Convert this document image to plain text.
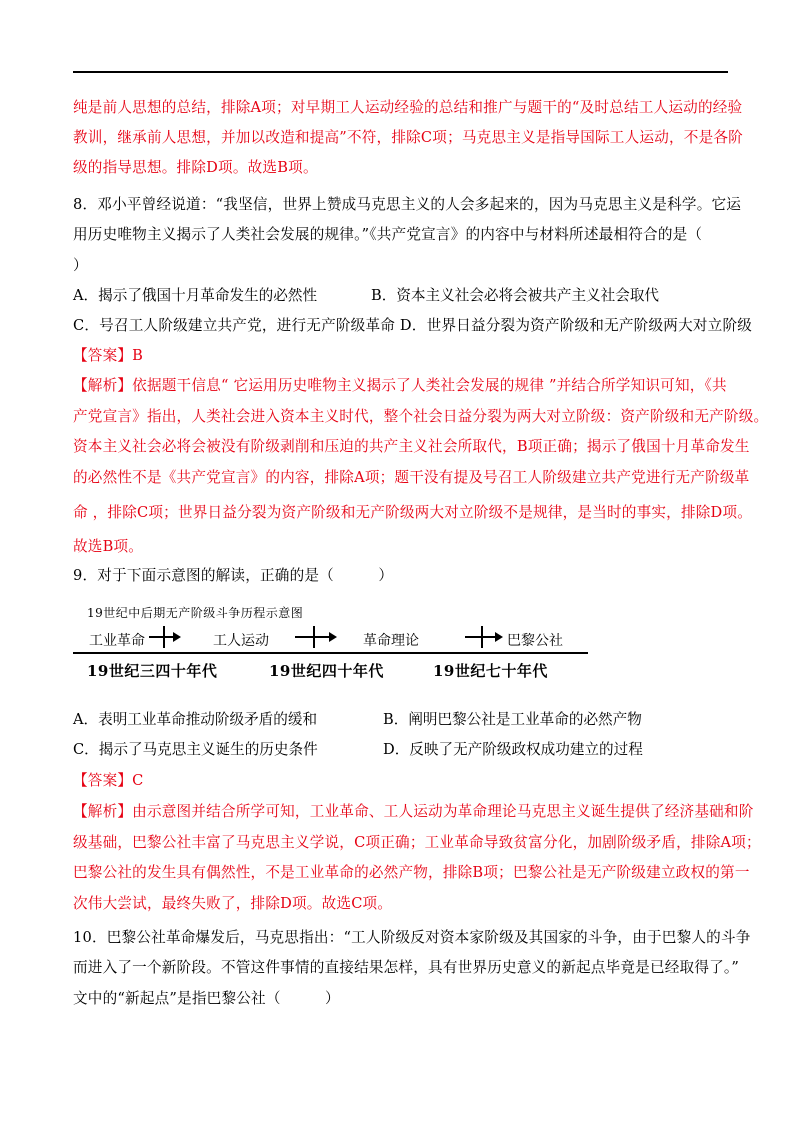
纯是前人思想的总结，排除A项；对早期工人运动经验的总结和推广与题干的“及时总结工人运动的经验
教训，继承前人思想，并加以改造和提高”不符，排除C项；马克思主义是指导国际工人运动，不是各阶
级的指导思想。排除D项。故选B项。
8．邓小平曾经说道：“我坚信，世界上赞成马克思主义的人会多起来的，因为马克思主义是科学。它运
用历史唯物主义揭示了人类社会发展的规律。”《共产党宣言》的内容中与材料所述最相符合的是（
）
A．揭示了俄国十月革命发生的必然性	B．资本主义社会必将会被共产主义社会取代
C．号召工人阶级建立共产党，进行无产阶级革命 D．世界日益分裂为资产阶级和无产阶级两大对立阶级
【答案】B
【解析】依据题干信息“ 它运用历史唯物主义揭示了人类社会发展的规律 ”并结合所学知识可知，《共
产党宣言》指出，人类社会进入资本主义时代，整个社会日益分裂为两大对立阶级：资产阶级和无产阶级。
资本主义社会必将会被没有阶级剥削和压迫的共产主义社会所取代，B项正确；揭示了俄国十月革命发生
的必然性不是《共产党宣言》的内容，排除A项；题干没有提及号召工人阶级建立共产党进行无产阶级革
命 ，排除C项；世界日益分裂为资产阶级和无产阶级两大对立阶级不是规律，是当时的事实，排除D项。
故选B项。
9．对于下面示意图的解读，正确的是（　　　）
19世纪中后期无产阶级斗争历程示意图
工业革命	工人运动	革命理论	巴黎公社
19世纪三四十年代	19世纪四十年代	19世纪七十年代
A．表明工业革命推动阶级矛盾的缓和	B．阐明巴黎公社是工业革命的必然产物
C．揭示了马克思主义诞生的历史条件	D．反映了无产阶级政权成功建立的过程
【答案】C
【解析】由示意图并结合所学可知，工业革命、工人运动为革命理论马克思主义诞生提供了经济基础和阶
级基础，巴黎公社丰富了马克思主义学说，C项正确；工业革命导致贫富分化，加剧阶级矛盾，排除A项；
巴黎公社的发生具有偶然性，不是工业革命的必然产物，排除B项；巴黎公社是无产阶级建立政权的第一
次伟大尝试，最终失败了，排除D项。故选C项。
10．巴黎公社革命爆发后，马克思指出：“工人阶级反对资本家阶级及其国家的斗争，由于巴黎人的斗争
而进入了一个新阶段。不管这件事情的直接结果怎样，具有世界历史意义的新起点毕竟是已经取得了。”
文中的“新起点”是指巴黎公社（　　　）
